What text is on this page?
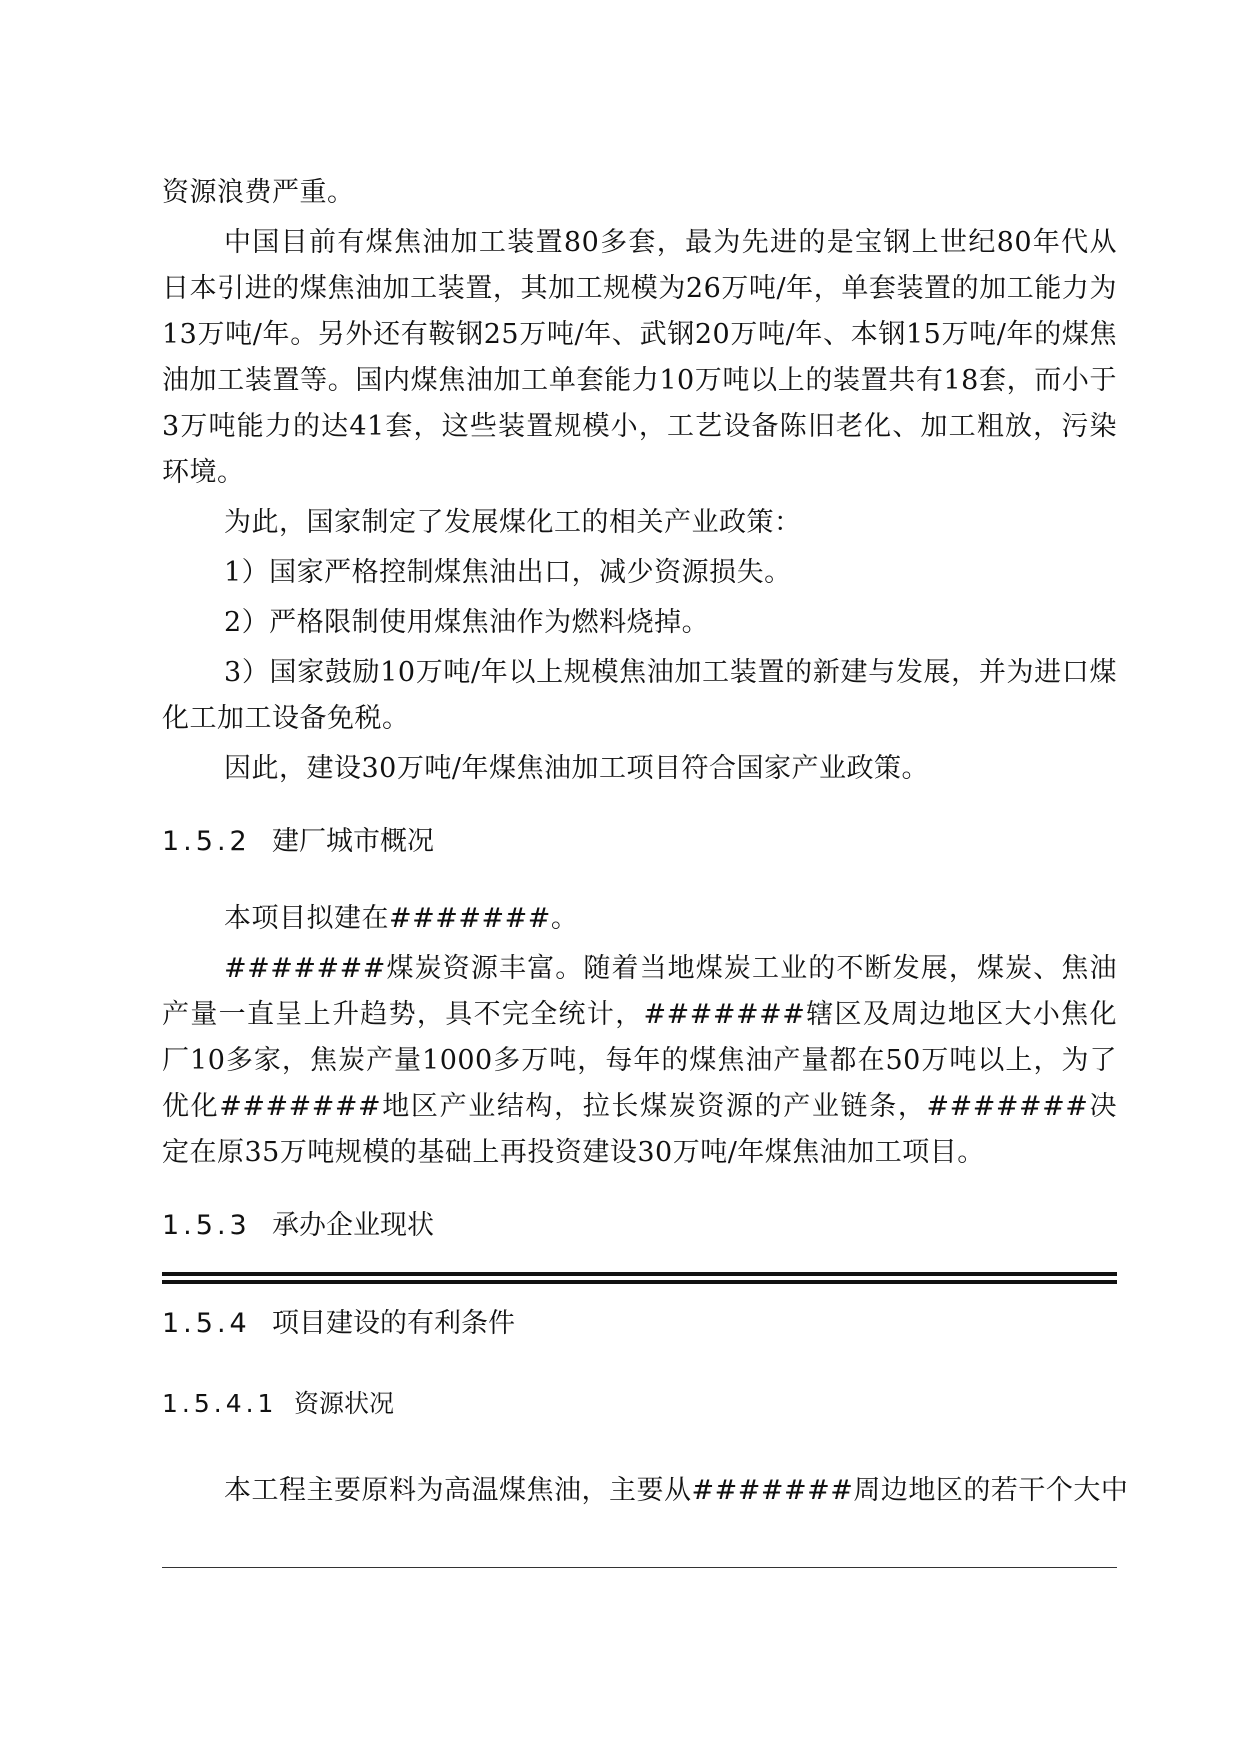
资源浪费严重。

中国目前有煤焦油加工装置80多套，最为先进的是宝钢上世纪80年代从日本引进的煤焦油加工装置，其加工规模为26万吨/年，单套装置的加工能力为13万吨/年。另外还有鞍钢25万吨/年、武钢20万吨/年、本钢15万吨/年的煤焦油加工装置等。国内煤焦油加工单套能力10万吨以上的装置共有18套，而小于3万吨能力的达41套，这些装置规模小，工艺设备陈旧老化、加工粗放，污染环境。

为此，国家制定了发展煤化工的相关产业政策：

1）国家严格控制煤焦油出口，减少资源损失。

2）严格限制使用煤焦油作为燃料烧掉。

3）国家鼓励10万吨/年以上规模焦油加工装置的新建与发展，并为进口煤化工加工设备免税。

因此，建设30万吨/年煤焦油加工项目符合国家产业政策。

1.5.2 建厂城市概况

本项目拟建在#######。

#######煤炭资源丰富。随着当地煤炭工业的不断发展，煤炭、焦油产量一直呈上升趋势，具不完全统计，#######辖区及周边地区大小焦化厂10多家，焦炭产量1000多万吨，每年的煤焦油产量都在50万吨以上，为了优化#######地区产业结构，拉长煤炭资源的产业链条，#######决定在原35万吨规模的基础上再投资建设30万吨/年煤焦油加工项目。

1.5.3 承办企业现状
1.5.4 项目建设的有利条件
1.5.4.1 资源状况

本工程主要原料为高温煤焦油，主要从#######周边地区的若干个大中
